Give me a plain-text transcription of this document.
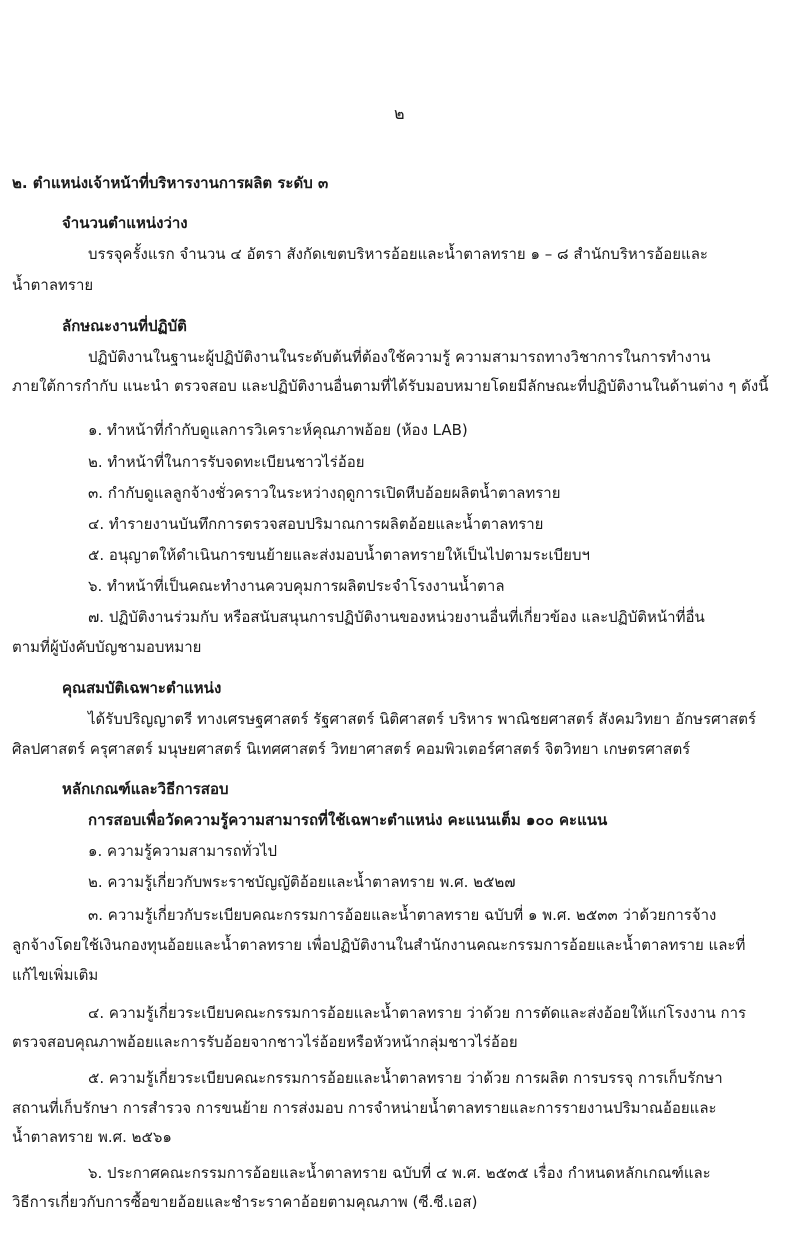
๒

๒. ตำแหน่งเจ้าหน้าที่บริหารงานการผลิต ระดับ ๓

จำนวนตำแหน่งว่าง

บรรจุครั้งแรก จำนวน ๔ อัตรา สังกัดเขตบริหารอ้อยและน้ำตาลทราย ๑ – ๘ สำนักบริหารอ้อยและ

น้ำตาลทราย

ลักษณะงานที่ปฏิบัติ

ปฏิบัติงานในฐานะผู้ปฏิบัติงานในระดับต้นที่ต้องใช้ความรู้ ความสามารถทางวิชาการในการทำงาน

ภายใต้การกำกับ แนะนำ ตรวจสอบ และปฏิบัติงานอื่นตามที่ได้รับมอบหมายโดยมีลักษณะที่ปฏิบัติงานในด้านต่าง ๆ ดังนี้

๑. ทำหน้าที่กำกับดูแลการวิเคราะห์คุณภาพอ้อย (ห้อง LAB)

๒. ทำหน้าที่ในการรับจดทะเบียนชาวไร่อ้อย

๓. กำกับดูแลลูกจ้างชั่วคราวในระหว่างฤดูการเปิดหีบอ้อยผลิตน้ำตาลทราย

๔. ทำรายงานบันทึกการตรวจสอบปริมาณการผลิตอ้อยและน้ำตาลทราย

๕. อนุญาตให้ดำเนินการขนย้ายและส่งมอบน้ำตาลทรายให้เป็นไปตามระเบียบฯ

๖. ทำหน้าที่เป็นคณะทำงานควบคุมการผลิตประจำโรงงานน้ำตาล

๗. ปฏิบัติงานร่วมกับ หรือสนับสนุนการปฏิบัติงานของหน่วยงานอื่นที่เกี่ยวข้อง และปฏิบัติหน้าที่อื่น

ตามที่ผู้บังคับบัญชามอบหมาย

คุณสมบัติเฉพาะตำแหน่ง

ได้รับปริญญาตรี ทางเศรษฐศาสตร์ รัฐศาสตร์ นิติศาสตร์ บริหาร พาณิชยศาสตร์ สังคมวิทยา อักษรศาสตร์

ศิลปศาสตร์ ครุศาสตร์ มนุษยศาสตร์ นิเทศศาสตร์ วิทยาศาสตร์ คอมพิวเตอร์ศาสตร์ จิตวิทยา เกษตรศาสตร์

หลักเกณฑ์และวิธีการสอบ

การสอบเพื่อวัดความรู้ความสามารถที่ใช้เฉพาะตำแหน่ง คะแนนเต็ม ๑๐๐ คะแนน

๑. ความรู้ความสามารถทั่วไป

๒. ความรู้เกี่ยวกับพระราชบัญญัติอ้อยและน้ำตาลทราย พ.ศ. ๒๕๒๗

๓. ความรู้เกี่ยวกับระเบียบคณะกรรมการอ้อยและน้ำตาลทราย ฉบับที่ ๑ พ.ศ. ๒๕๓๓ ว่าด้วยการจ้าง

ลูกจ้างโดยใช้เงินกองทุนอ้อยและน้ำตาลทราย เพื่อปฏิบัติงานในสำนักงานคณะกรรมการอ้อยและน้ำตาลทราย และที่

แก้ไขเพิ่มเติม

๔. ความรู้เกี่ยวระเบียบคณะกรรมการอ้อยและน้ำตาลทราย ว่าด้วย การตัดและส่งอ้อยให้แก่โรงงาน การ

ตรวจสอบคุณภาพอ้อยและการรับอ้อยจากชาวไร่อ้อยหรือหัวหน้ากลุ่มชาวไร่อ้อย

๕. ความรู้เกี่ยวระเบียบคณะกรรมการอ้อยและน้ำตาลทราย ว่าด้วย การผลิต การบรรจุ การเก็บรักษา

สถานที่เก็บรักษา การสำรวจ การขนย้าย การส่งมอบ การจำหน่ายน้ำตาลทรายและการรายงานปริมาณอ้อยและ

น้ำตาลทราย พ.ศ. ๒๕๖๑

๖. ประกาศคณะกรรมการอ้อยและน้ำตาลทราย ฉบับที่ ๔ พ.ศ. ๒๕๓๕ เรื่อง กำหนดหลักเกณฑ์และ

วิธีการเกี่ยวกับการซื้อขายอ้อยและชำระราคาอ้อยตามคุณภาพ (ซี.ซี.เอส)
